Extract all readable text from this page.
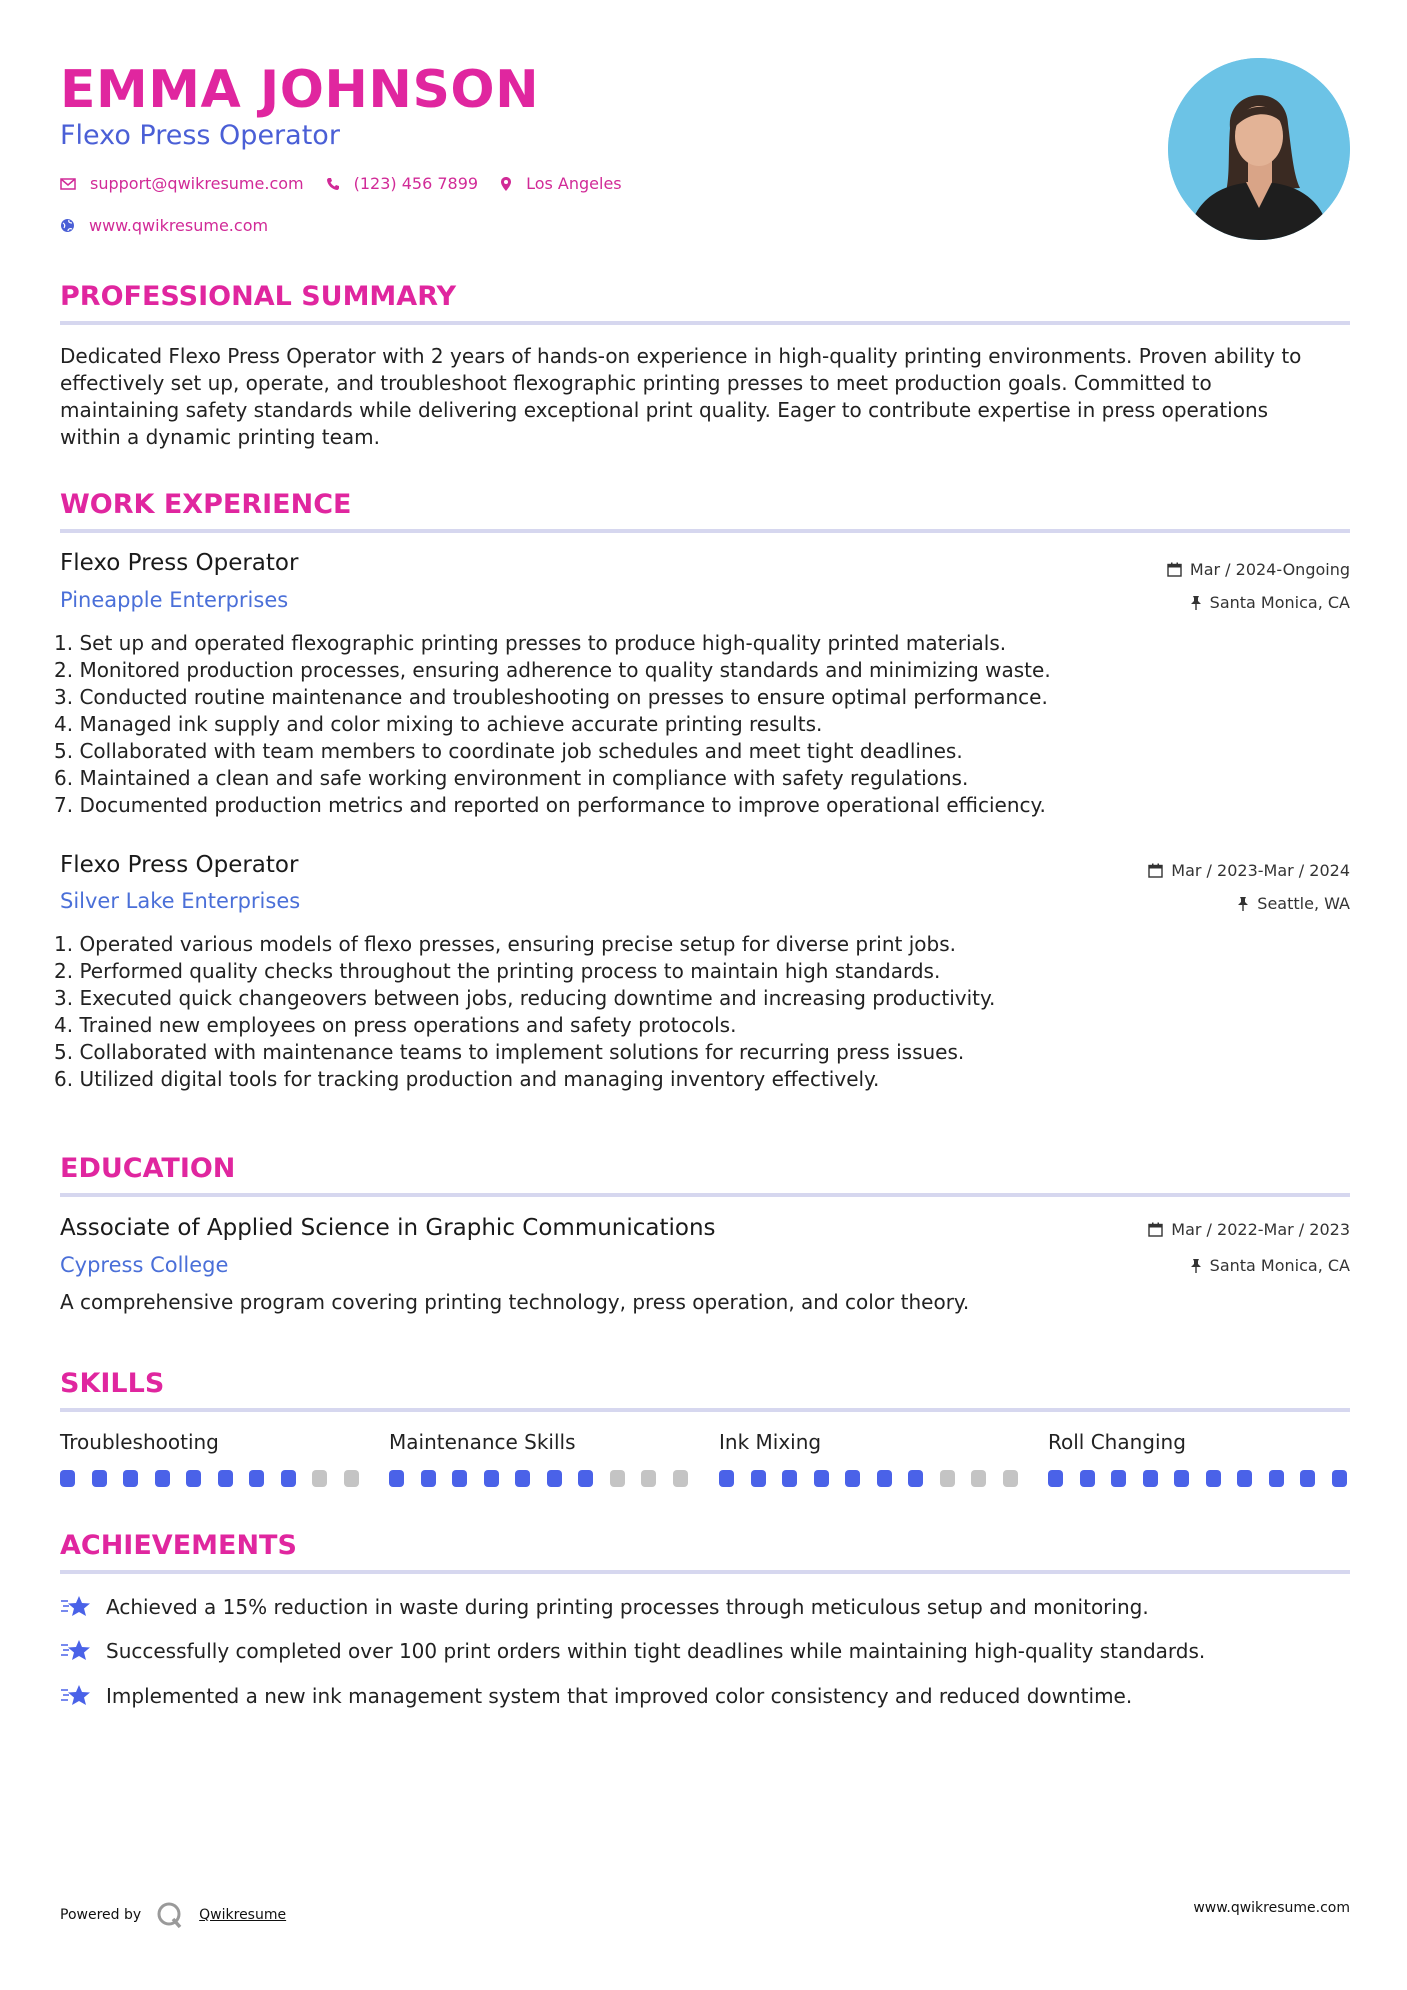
EMMA JOHNSON
Flexo Press Operator
support@qwikresume.com	(123) 456 7899	Los Angeles
www.qwikresume.com
PROFESSIONAL SUMMARY
Dedicated Flexo Press Operator with 2 years of hands-on experience in high-quality printing environments. Proven ability to
effectively set up, operate, and troubleshoot flexographic printing presses to meet production goals. Committed to
maintaining safety standards while delivering exceptional print quality. Eager to contribute expertise in press operations
within a dynamic printing team.
WORK EXPERIENCE
Flexo Press Operator	Mar / 2024-Ongoing
Pineapple Enterprises	Santa Monica, CA
1. Set up and operated flexographic printing presses to produce high-quality printed materials.
2. Monitored production processes, ensuring adherence to quality standards and minimizing waste.
3. Conducted routine maintenance and troubleshooting on presses to ensure optimal performance.
4. Managed ink supply and color mixing to achieve accurate printing results.
5. Collaborated with team members to coordinate job schedules and meet tight deadlines.
6. Maintained a clean and safe working environment in compliance with safety regulations.
7. Documented production metrics and reported on performance to improve operational efficiency.
Flexo Press Operator	Mar / 2023-Mar / 2024
Silver Lake Enterprises	Seattle, WA
1. Operated various models of flexo presses, ensuring precise setup for diverse print jobs.
2. Performed quality checks throughout the printing process to maintain high standards.
3. Executed quick changeovers between jobs, reducing downtime and increasing productivity.
4. Trained new employees on press operations and safety protocols.
5. Collaborated with maintenance teams to implement solutions for recurring press issues.
6. Utilized digital tools for tracking production and managing inventory effectively.
EDUCATION
Associate of Applied Science in Graphic Communications	Mar / 2022-Mar / 2023
Cypress College	Santa Monica, CA
A comprehensive program covering printing technology, press operation, and color theory.
SKILLS
Troubleshooting	Maintenance Skills	Ink Mixing	Roll Changing
ACHIEVEMENTS
Achieved a 15% reduction in waste during printing processes through meticulous setup and monitoring.
Successfully completed over 100 print orders within tight deadlines while maintaining high-quality standards.
Implemented a new ink management system that improved color consistency and reduced downtime.
Powered by	Qwikresume	www.qwikresume.com
